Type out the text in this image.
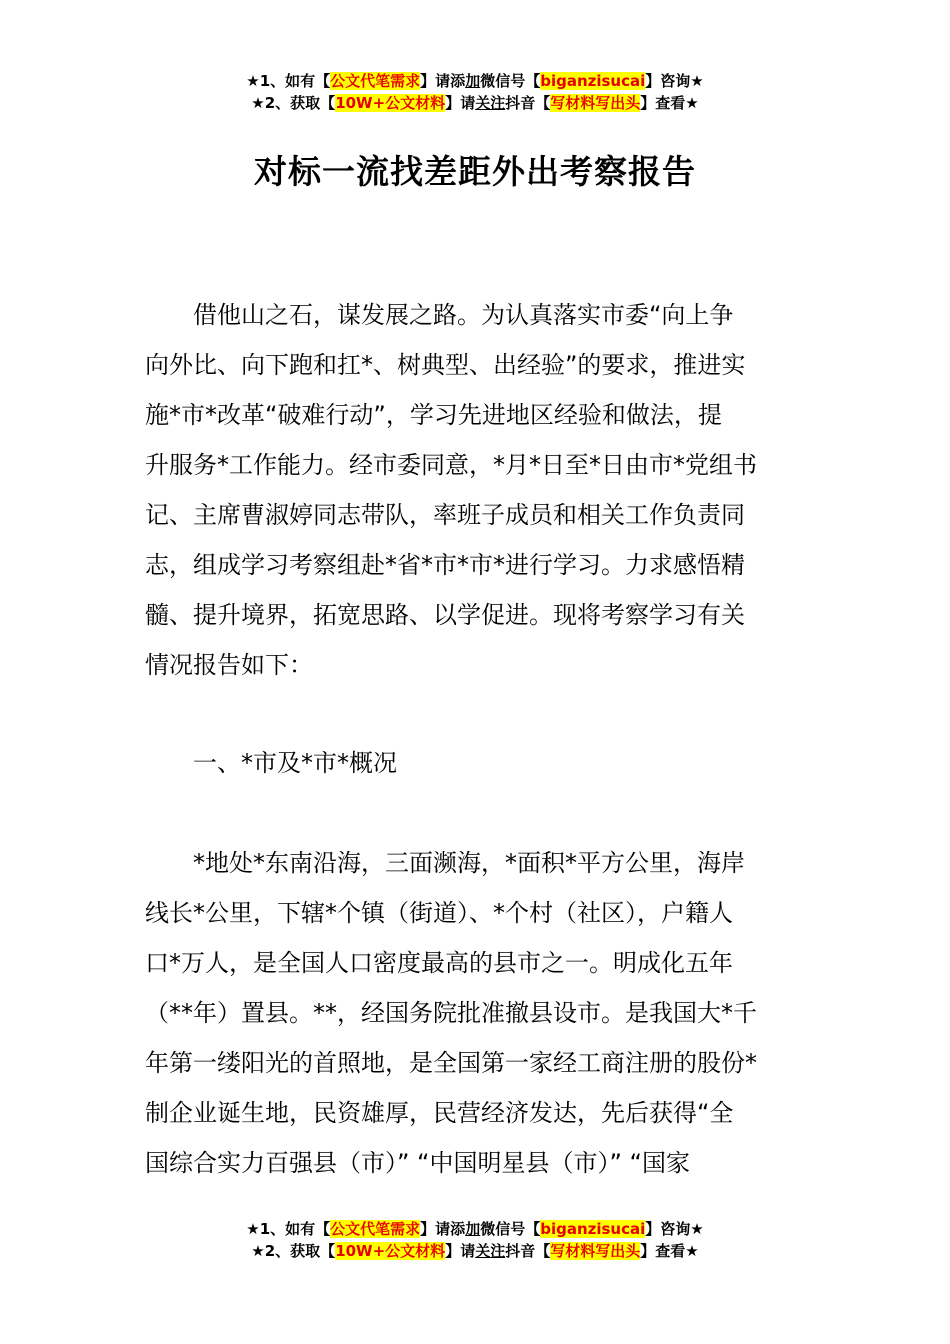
★1、如有【公文代笔需求】请添加微信号【biganzisucai】咨询★
★2、获取【10W+公文材料】请关注抖音【写材料写出头】查看★
对标一流找差距外出考察报告
借他山之石，谋发展之路。为认真落实市委“向上争
向外比、向下跑和扛*、树典型、出经验”的要求，推进实
施*市*改革“破难行动”，学习先进地区经验和做法，提
升服务*工作能力。经市委同意，*月*日至*日由市*党组书
记、主席曹淑婷同志带队，率班子成员和相关工作负责同
志，组成学习考察组赴*省*市*市*进行学习。力求感悟精
髓、提升境界，拓宽思路、以学促进。现将考察学习有关
情况报告如下：
一、*市及*市*概况
*地处*东南沿海，三面濒海，*面积*平方公里，海岸
线长*公里，下辖*个镇（街道）、*个村（社区），户籍人
口*万人，是全国人口密度最高的县市之一。明成化五年
（**年）置县。**，经国务院批准撤县设市。是我国大*千
年第一缕阳光的首照地，是全国第一家经工商注册的股份*
制企业诞生地，民资雄厚，民营经济发达，先后获得“全
国综合实力百强县（市）” “中国明星县（市）” “国家
★1、如有【公文代笔需求】请添加微信号【biganzisucai】咨询★
★2、获取【10W+公文材料】请关注抖音【写材料写出头】查看★
